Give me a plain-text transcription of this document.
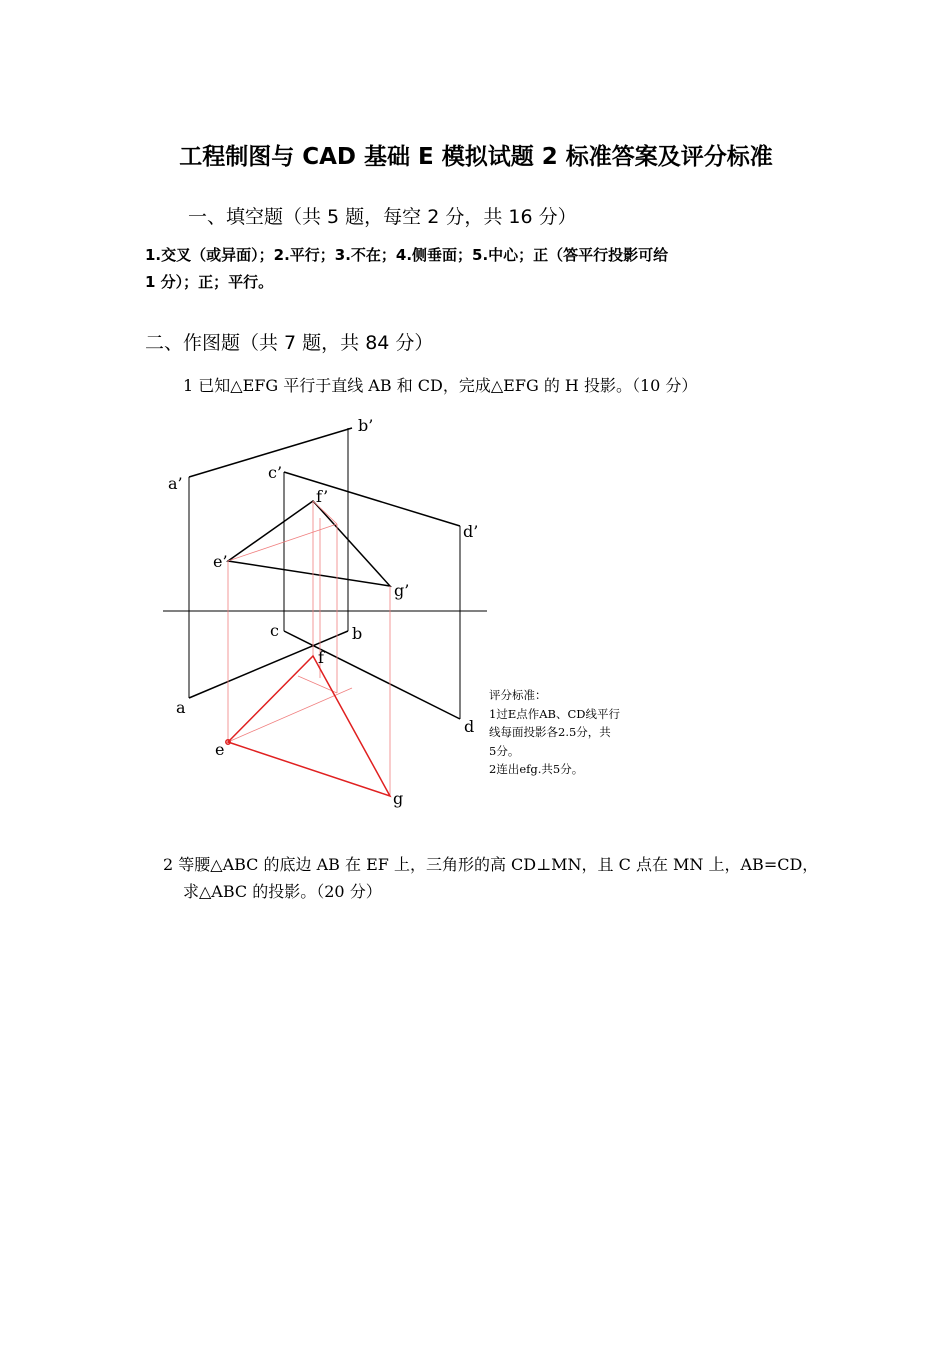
工程制图与 CAD 基础 E 模拟试题 2 标准答案及评分标准
一、填空题（共 5 题，每空 2 分，共 16 分）
1.交叉（或异面）；2.平行；3.不在；4.侧垂面；5.中心；正（答平行投影可给
1 分）；正；平行。
二、作图题（共 7 题，共 84 分）
1 已知△EFG 平行于直线 AB 和 CD，完成△EFG 的 H 投影。（10 分）
a’
b’
c’
d’
e’
f’
g’
a
b
c
d
e
f
g
评分标准：
1过E点作AB、CD线平行
线每面投影各2.5分，共
5分。
2连出efg.共5分。
2 等腰△ABC 的底边 AB 在 EF 上，三角形的高 CD⊥MN，且 C 点在 MN 上，AB=CD，
求△ABC 的投影。（20 分）
